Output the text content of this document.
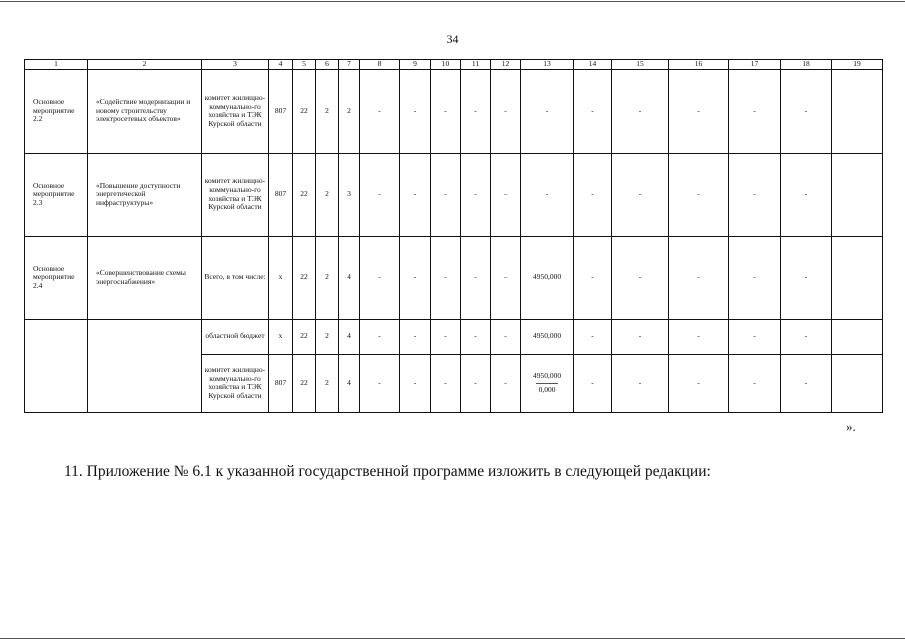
34
1	2	3	4	5	6	7	8	9	10	11	12	13	14	15	16	17	18	19
Основное мероприятие 2.2	«Содействие модернизации и новому строительству электросетевых объектов»	комитет жилищно-коммунально-го хозяйства и ТЭК Курской области	807	22	2	2	-	-	-	-	-	-	-	-	-	-	-	
Основное мероприятие 2.3	«Повышение доступности энергетической инфраструктуры»	комитет жилищно-коммунально-го хозяйства и ТЭК Курской области	807	22	2	3	-	-	-	-	-	-	-	-	-	-	-	
Основное мероприятие 2.4	«Совершенствование схемы энергоснабжения»	Всего, в том числе:	х	22	2	4	-	-	-	-	-	4950,000	-	-	-	-	-	
		областной бюджет	х	22	2	4	-	-	-	-	-	4950,000	-	-	-	-	-	
		комитет жилищно-коммунально-го хозяйства и ТЭК Курской области	807	22	2	4	-	-	-	-	-	$\frac{4950,000}{0,000}$	-	-	-	-	-	
».
11. Приложение № 6.1 к указанной государственной программе изложить в следующей редакции:
